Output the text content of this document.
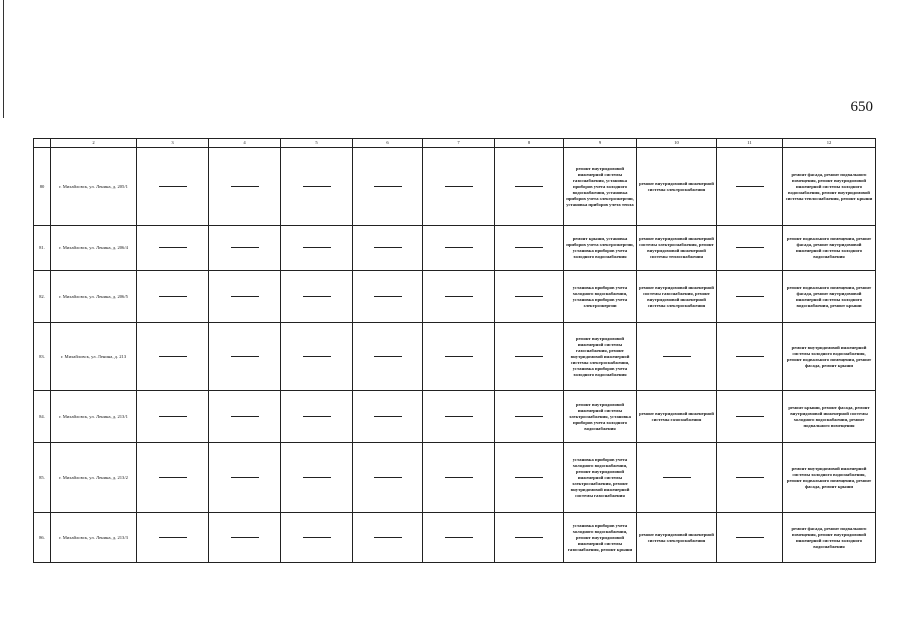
650
	2	3	4	5	6	7	8	9	10	11	12
80	г. Михайловск, ул. Ленина, д. 205/1							ремонт внутридомовой инженерной системы газоснабжения, установка приборов учета холодного водоснабжения, установка приборов учета электроэнергии, установка приборов учета тепла	ремонт внутридомовой инженерной системы электроснабжения		ремонт фасада, ремонт подвального помещения, ремонт внутридомовой инженерной системы холодного водоснабжения, ремонт внутридомовой системы теплоснабжения, ремонт крыши
81.	г. Михайловск, ул. Ленина, д. 206/4							ремонт крыши, установка приборов учета электроэнергии, установка приборов учета холодного водоснабжения	ремонт внутридомовой инженерной системы электроснабжения, ремонт внутридомовой инженерной системы теплоснабжения		ремонт подвального помещения, ремонт фасада, ремонт внутридомовой инженерной системы холодного водоснабжения
82.	г. Михайловск, ул. Ленина, д. 206/5							установка приборов учета холодного водоснабжения, установка приборов учета электроэнергии	ремонт внутридомовой инженерной системы газоснабжения, ремонт внутридомовой инженерной системы электроснабжения		ремонт подвального помещения, ремонт фасада, ремонт внутридомовой инженерной системы холодного водоснабжения, ремонт крыши
83.	г. Михайловск, ул. Ленина, д. 213							ремонт внутридомовой инженерной системы газоснабжения, ремонт внутридомовой инженерной системы электроснабжения, установка приборов учета холодного водоснабжения			ремонт внутридомовой инженерной системы холодного водоснабжения, ремонт подвального помещения, ремонт фасада, ремонт крыши
84.	г. Михайловск, ул. Ленина, д. 213/1							ремонт внутридомовой инженерной системы электроснабжения, установка приборов учета холодного водоснабжения	ремонт внутридомовой инженерной системы газоснабжения		ремонт крыши, ремонт фасада, ремонт внутридомовой инженерной системы холодного водоснабжения, ремонт подвального помещения
85.	г. Михайловск, ул. Ленина, д. 213/2							установка приборов учета холодного водоснабжения, ремонт внутридомовой инженерной системы электроснабжения, ремонт внутридомовой инженерной системы газоснабжения			ремонт внутридомовой инженерной системы холодного водоснабжения, ремонт подвального помещения, ремонт фасада, ремонт крыши
86.	г. Михайловск, ул. Ленина, д. 213/3							установка приборов учета холодного водоснабжения, ремонт внутридомовой инженерной системы газоснабжения, ремонт крыши	ремонт внутридомовой инженерной системы электроснабжения		ремонт фасада, ремонт подвального помещения, ремонт внутридомовой инженерной системы холодного водоснабжения
